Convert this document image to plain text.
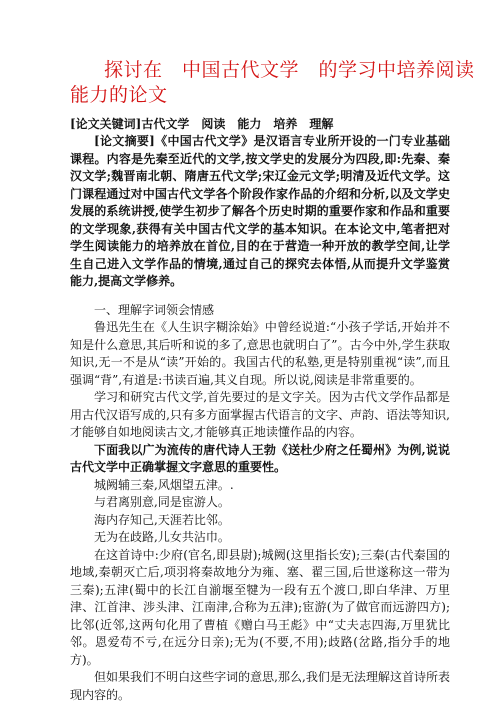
探讨在　中国古代文学　的学习中培养阅读
能力的论文
[论文关键词]古代文学　阅读　能力　培养　理解

[论文摘要]《中国古代文学》是汉语言专业所开设的一门专业基础课程。内容是先秦至近代的文学,按文学史的发展分为四段,即:先秦、秦汉文学;魏晋南北朝、隋唐五代文学;宋辽金元文学;明清及近代文学。这门课程通过对中国古代文学各个阶段作家作品的介绍和分析,以及文学史发展的系统讲授,使学生初步了解各个历史时期的重要作家和作品和重要的文学现象,获得有关中国古代文学的基本知识。在本论文中,笔者把对学生阅读能力的培养放在首位,目的在于营造一种开放的教学空间,让学生自己进入文学作品的情境,通过自己的探究去体悟,从而提升文学鉴赏能力,提高文学修养。

一、理解字词领会情感

鲁迅先生在《人生识字糊涂始》中曾经说道:“小孩子学话,开始并不知是什么意思,其后听和说的多了,意思也就明白了”。古今中外,学生获取知识,无一不是从“读”开始的。我国古代的私塾,更是特别重视“读”,而且强调“背”,有道是:书读百遍,其义自现。所以说,阅读是非常重要的。

学习和研究古代文学,首先要过的是文字关。因为古代文学作品都是用古代汉语写成的,只有多方面掌握古代语言的文字、声韵、语法等知识,才能够自如地阅读古文,才能够真正地读懂作品的内容。

下面我以广为流传的唐代诗人王勃《送杜少府之任蜀州》为例,说说古代文学中正确掌握文字意思的重要性。

城阙辅三秦,风烟望五津。.

与君离别意,同是宦游人。

海内存知己,天涯若比邻。

无为在歧路,儿女共沾巾。

在这首诗中:少府(官名,即县尉);城阙(这里指长安);三秦(古代秦国的地域,秦朝灭亡后,项羽将秦故地分为雍、塞、翟三国,后世遂称这一带为三秦);五津(蜀中的长江自湔堰至犍为一段有五个渡口,即白华津、万里津、江首津、涉头津、江南津,合称为五津);宦游(为了做官而远游四方);比邻(近邻,这两句化用了曹植《赠白马王彪》中“丈夫志四海,万里犹比邻。恩爱苟不亏,在远分日亲);无为(不要,不用);歧路(岔路,指分手的地方)。

但如果我们不明白这些字词的意思,那么,我们是无法理解这首诗所表现内容的。
